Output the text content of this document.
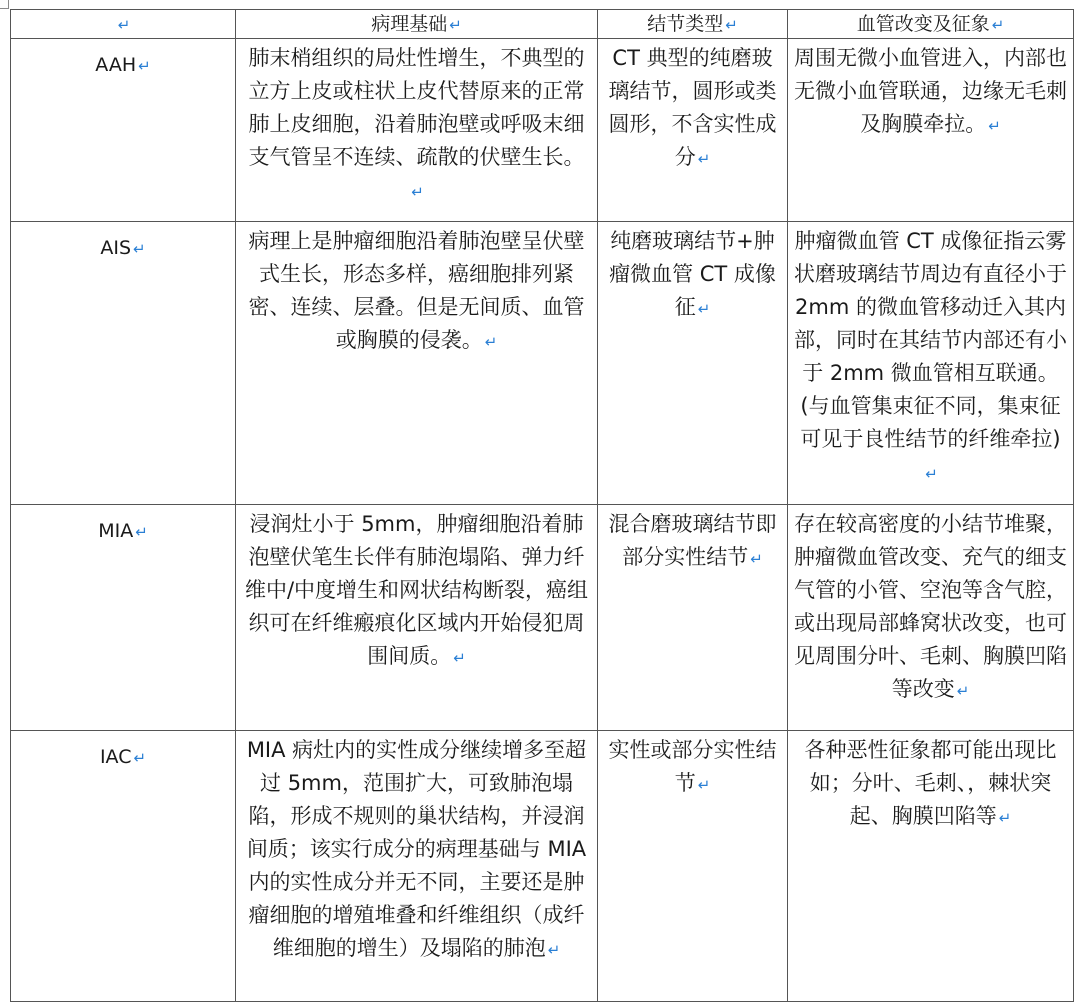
↵	病理基础 ↵	结节类型 ↵	血管改变及征象 ↵
AAH ↵	肺末梢组织的局灶性增生，不典型的立方上皮或柱状上皮代替原来的正常肺上皮细胞，沿着肺泡壁或呼吸末细支气管呈不连续、疏散的伏壁生长。↵	CT 典型的纯磨玻璃结节，圆形或类圆形，不含实性成分 ↵	周围无微小血管进入，内部也无微小血管联通，边缘无毛刺及胸膜牵拉。 ↵
AIS ↵	病理上是肿瘤细胞沿着肺泡壁呈伏壁式生长，形态多样，癌细胞排列紧密、连续、层叠。但是无间质、血管或胸膜的侵袭。 ↵	纯磨玻璃结节+肿瘤微血管 CT 成像征 ↵	肿瘤微血管 CT 成像征指云雾状磨玻璃结节周边有直径小于 2mm 的微血管移动迁入其内部，同时在其结节内部还有小于 2mm 微血管相互联通。(与血管集束征不同，集束征可见于良性结节的纤维牵拉)↵
MIA ↵	浸润灶小于 5mm，肿瘤细胞沿着肺泡壁伏笔生长伴有肺泡塌陷、弹力纤维中/中度增生和网状结构断裂，癌组织可在纤维瘢痕化区域内开始侵犯周围间质。 ↵	混合磨玻璃结节即部分实性结节 ↵	存在较高密度的小结节堆聚，肿瘤微血管改变、充气的细支气管的小管、空泡等含气腔，或出现局部蜂窝状改变，也可见周围分叶、毛刺、胸膜凹陷等改变 ↵
IAC ↵	MIA 病灶内的实性成分继续增多至超过 5mm，范围扩大，可致肺泡塌陷，形成不规则的巢状结构，并浸润间质；该实行成分的病理基础与 MIA 内的实性成分并无不同，主要还是肿瘤细胞的增殖堆叠和纤维组织（成纤维细胞的增生）及塌陷的肺泡 ↵	实性或部分实性结节 ↵	各种恶性征象都可能出现比如；分叶、毛刺、，棘状突起、胸膜凹陷等 ↵
